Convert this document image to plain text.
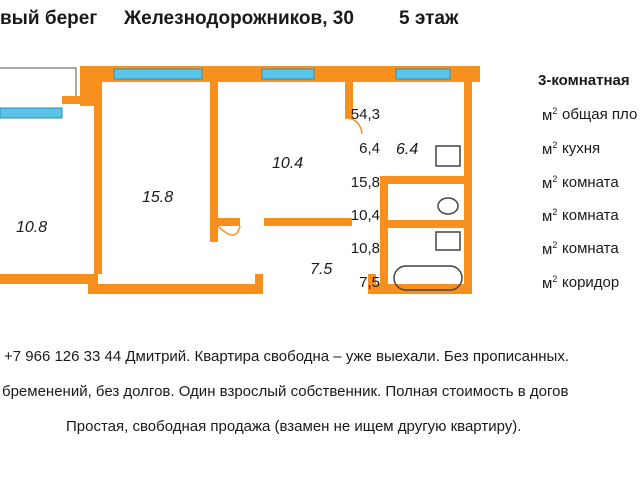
вый берег Железнодорожников, 30 5 этаж
10.8
15.8
10.4
6.4
7.5
3-комнатная
54,3	$м^2$ общая пло
6,4	$м^2$ кухня
15,8	$м^2$ комната
10,4	$м^2$ комната
10,8	$м^2$ комната
7,5	$м^2$ коридор
+7 966 126 33 44 Дмитрий. Квартира свободна – уже выехали. Без прописанных.
бременений, без долгов. Один взрослый собственник. Полная стоимость в догов
Простая, свободная продажа (взамен не ищем другую квартиру).
